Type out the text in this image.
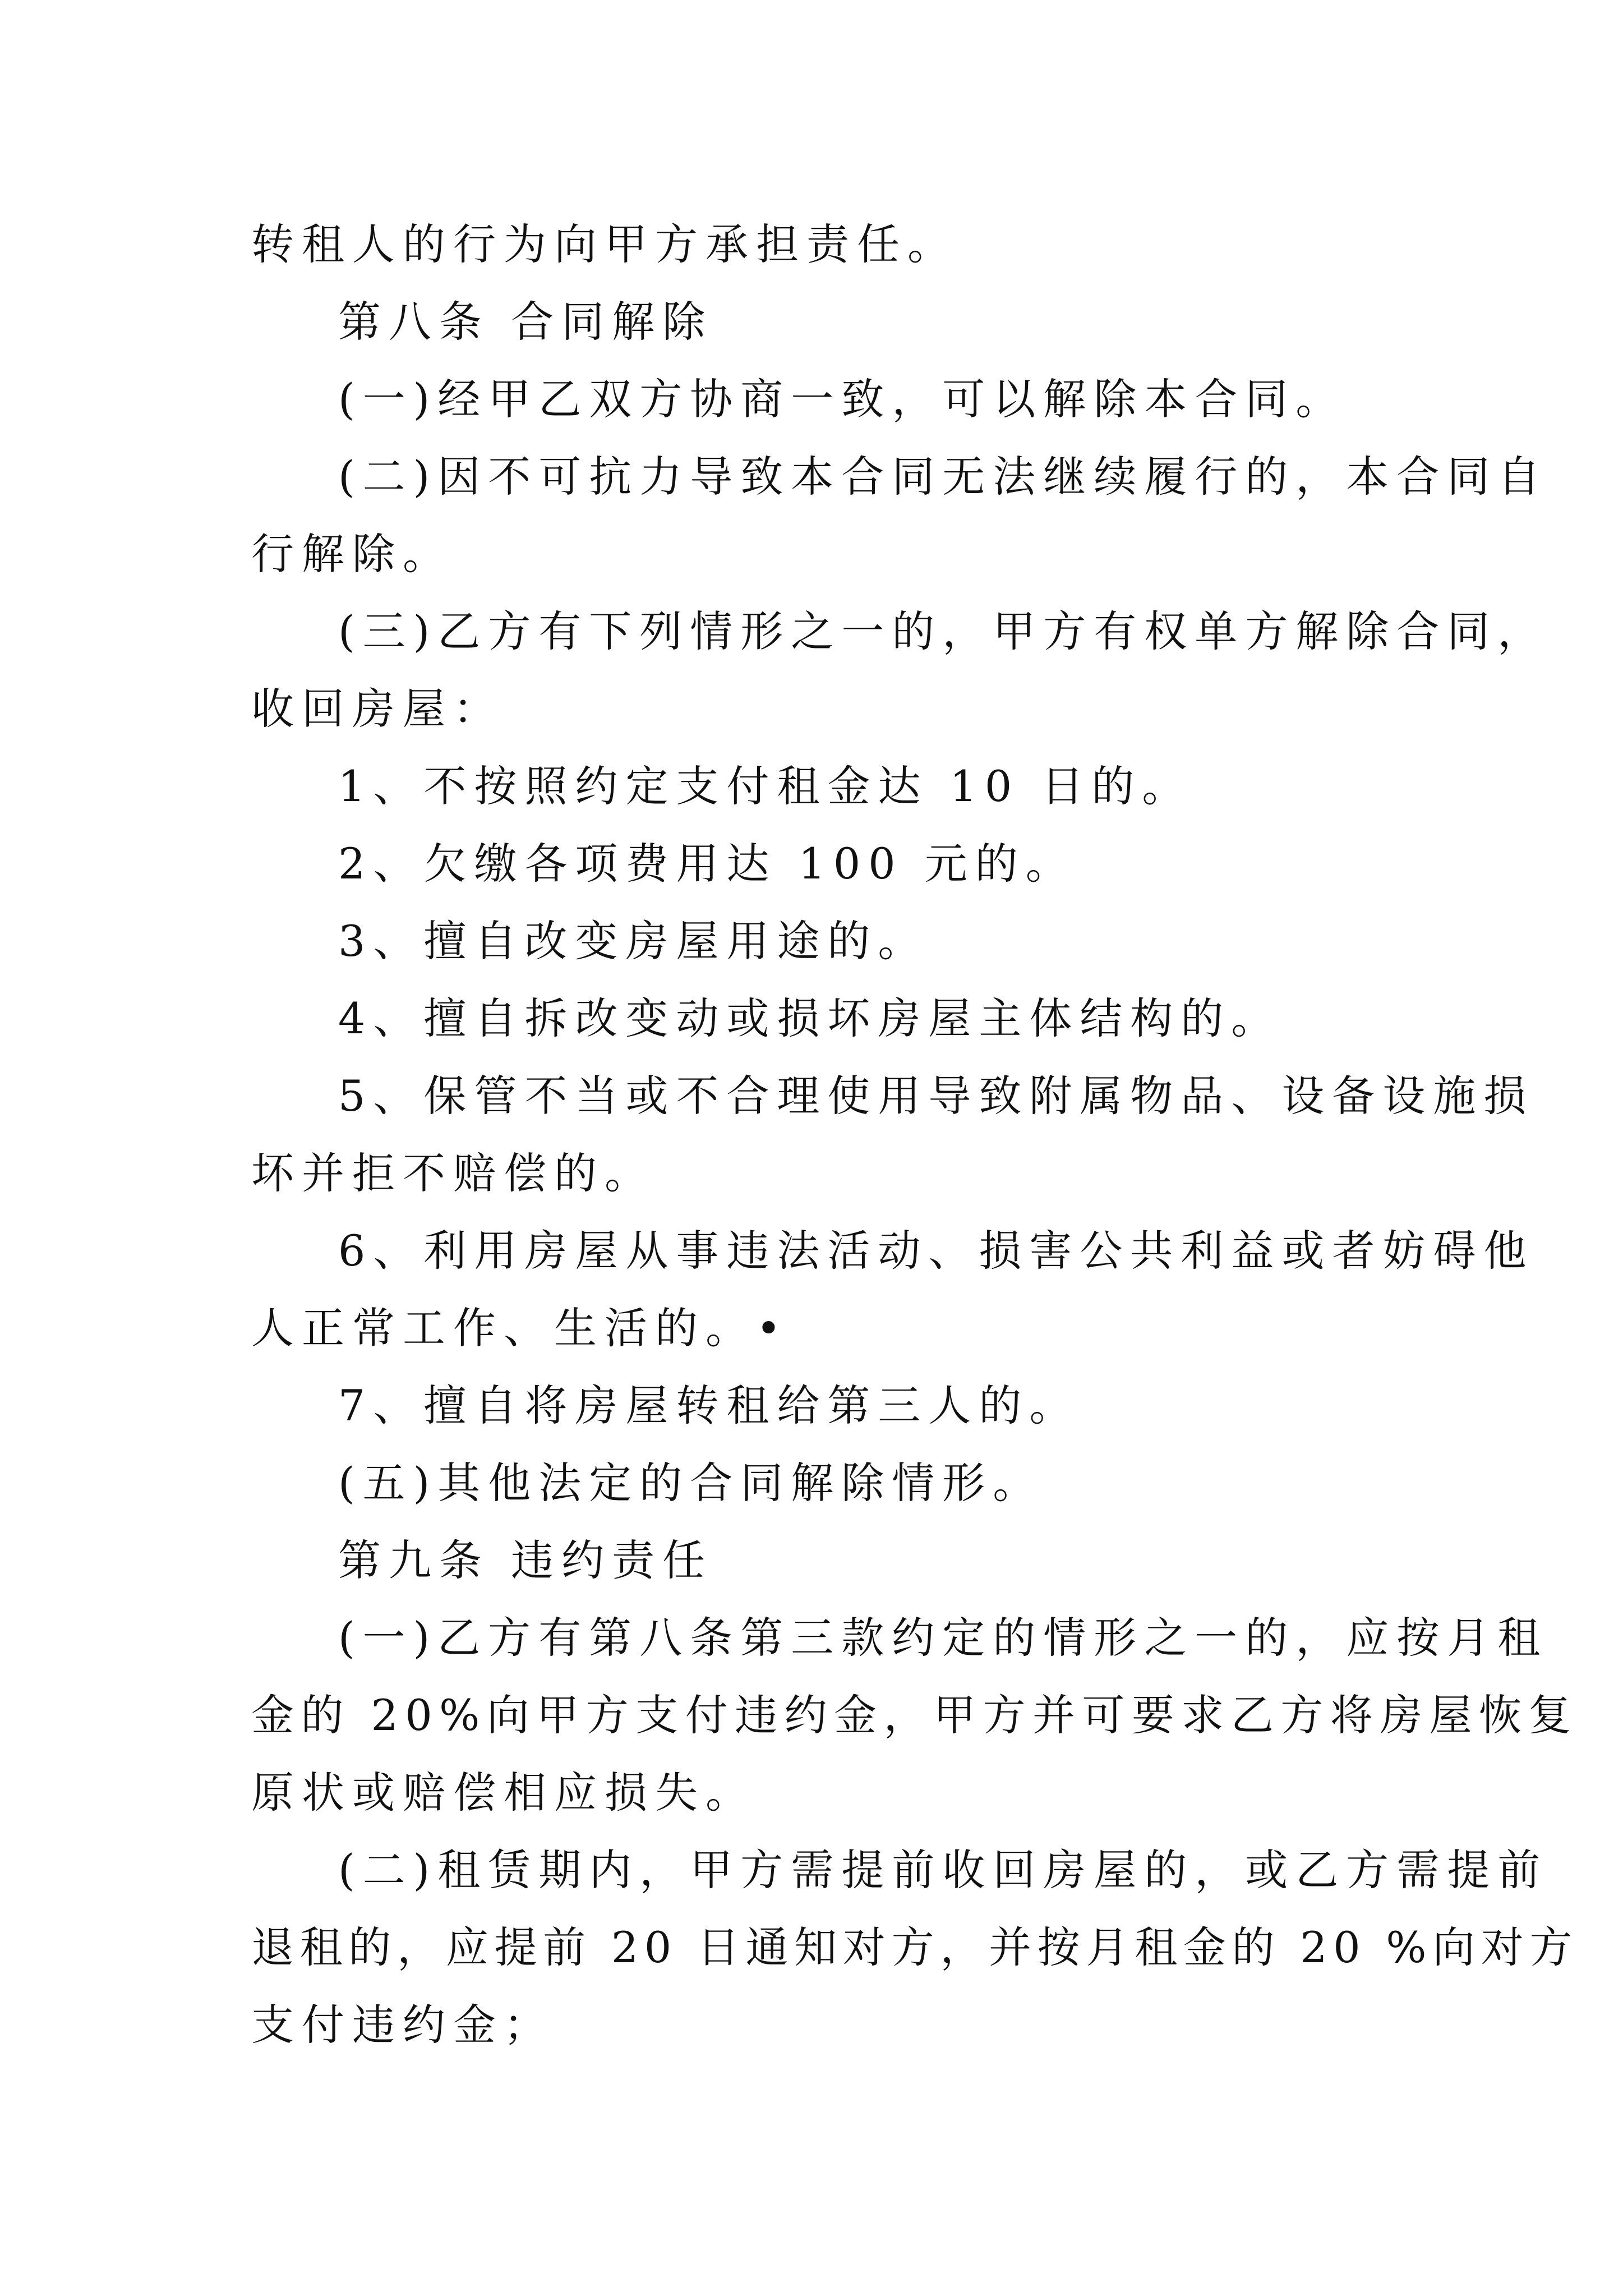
转租人的行为向甲方承担责任。
第八条 合同解除
(一)经甲乙双方协商一致，可以解除本合同。
(二)因不可抗力导致本合同无法继续履行的，本合同自
行解除。
(三)乙方有下列情形之一的，甲方有权单方解除合同，
收回房屋：
1、不按照约定支付租金达 10 日的。
2、欠缴各项费用达 100 元的。
3、擅自改变房屋用途的。
4、擅自拆改变动或损坏房屋主体结构的。
5、保管不当或不合理使用导致附属物品、设备设施损
坏并拒不赔偿的。
6、利用房屋从事违法活动、损害公共利益或者妨碍他
人正常工作、生活的。•
7、擅自将房屋转租给第三人的。
(五)其他法定的合同解除情形。
第九条 违约责任
(一)乙方有第八条第三款约定的情形之一的，应按月租
金的 20%向甲方支付违约金，甲方并可要求乙方将房屋恢复
原状或赔偿相应损失。
(二)租赁期内，甲方需提前收回房屋的，或乙方需提前
退租的，应提前 20 日通知对方，并按月租金的 20 %向对方
支付违约金；
